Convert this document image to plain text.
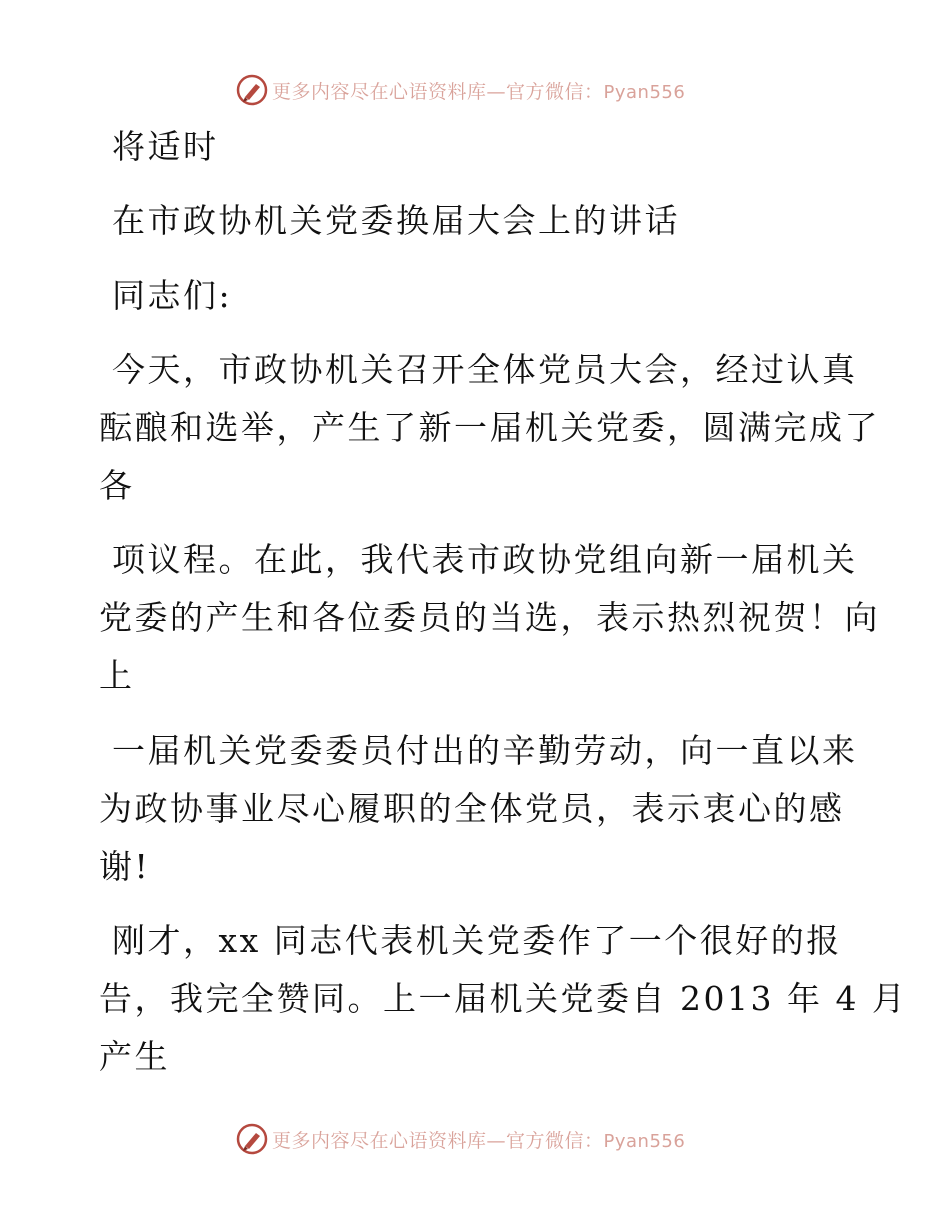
更多内容尽在心语资料库—官方微信：Pyan556

将适时

在市政协机关党委换届大会上的讲话

同志们:

今天，市政协机关召开全体党员大会，经过认真

酝酿和选举，产生了新一届机关党委，圆满完成了

各

项议程。在此，我代表市政协党组向新一届机关

党委的产生和各位委员的当选，表示热烈祝贺！向

上

一届机关党委委员付出的辛勤劳动，向一直以来

为政协事业尽心履职的全体党员，表示衷心的感

谢!

刚才，xx 同志代表机关党委作了一个很好的报

告，我完全赞同。上一届机关党委自 2013 年 4 月

产生

更多内容尽在心语资料库—官方微信：Pyan556
